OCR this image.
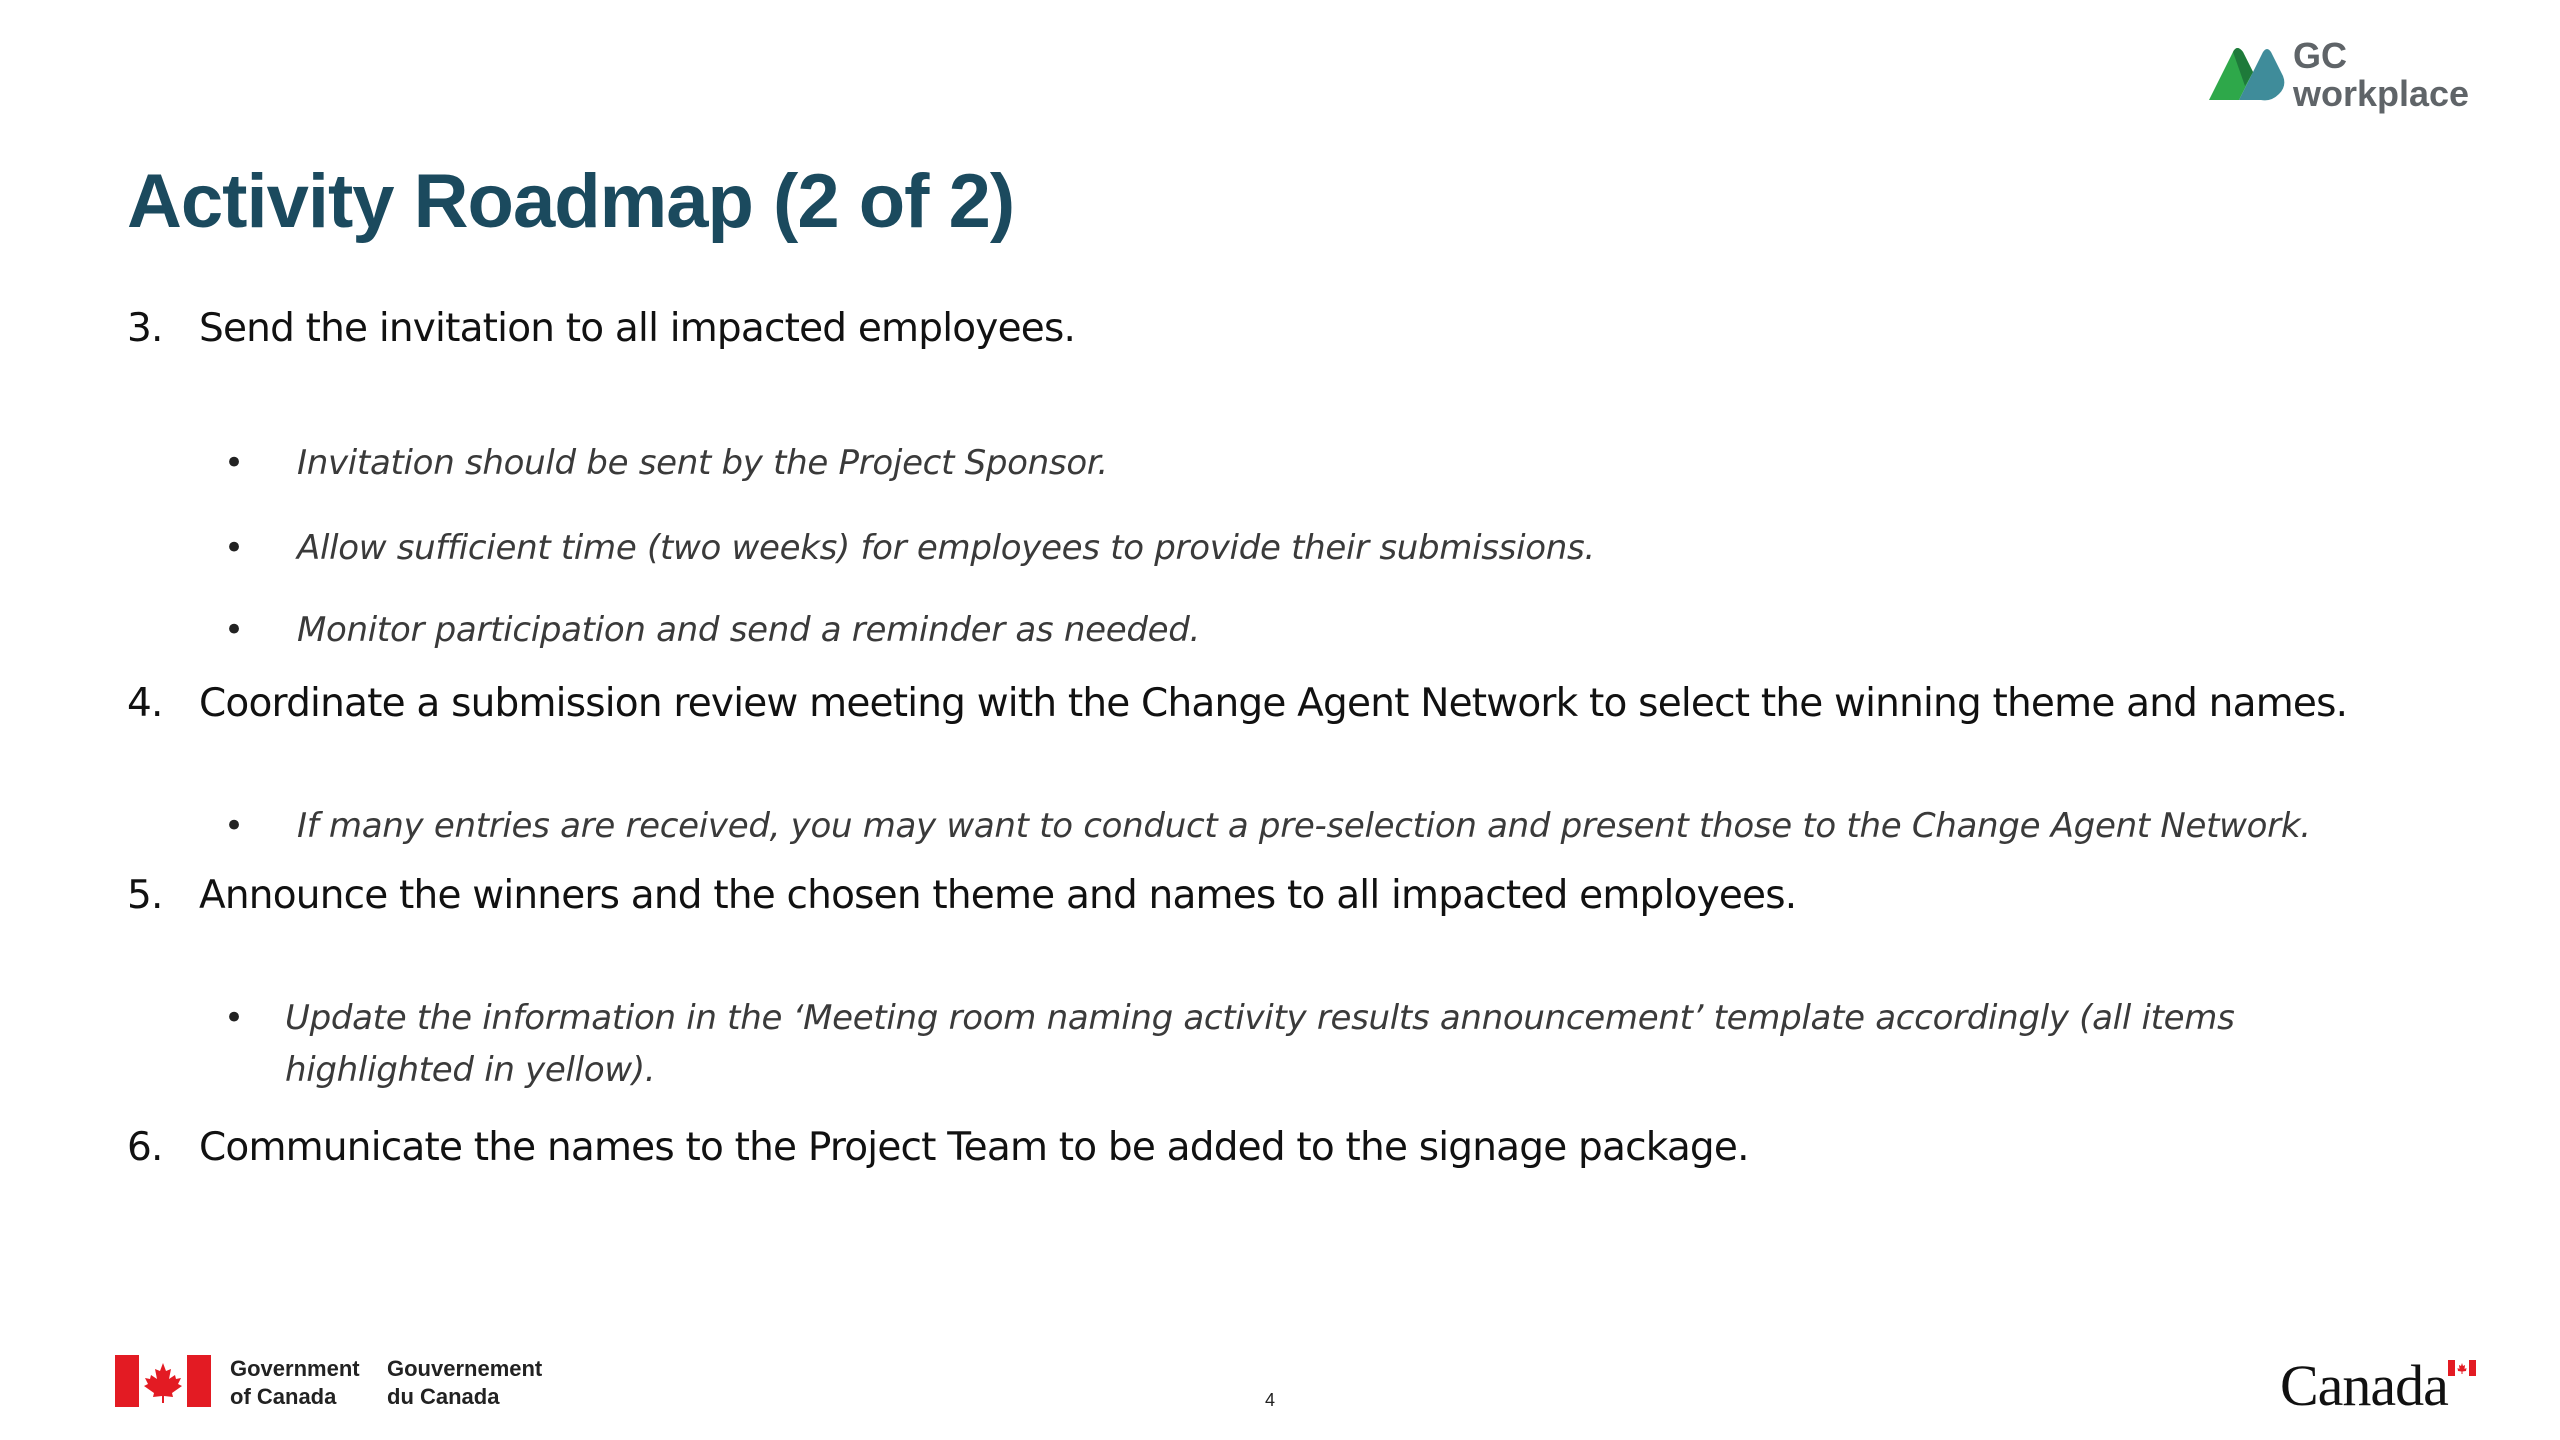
GC
workplace
Activity Roadmap (2 of 2)
3. Send the invitation to all impacted employees.
• Invitation should be sent by the Project Sponsor.
• Allow sufficient time (two weeks) for employees to provide their submissions.
• Monitor participation and send a reminder as needed.
4. Coordinate a submission review meeting with the Change Agent Network to select the winning theme and names.
• If many entries are received, you may want to conduct a pre-selection and present those to the Change Agent Network.
5. Announce the winners and the chosen theme and names to all impacted employees.
• Update the information in the ‘Meeting room naming activity results announcement’ template accordingly (all items
highlighted in yellow).
6. Communicate the names to the Project Team to be added to the signage package.
Government
of Canada
Gouvernement
du Canada	4	Canada
